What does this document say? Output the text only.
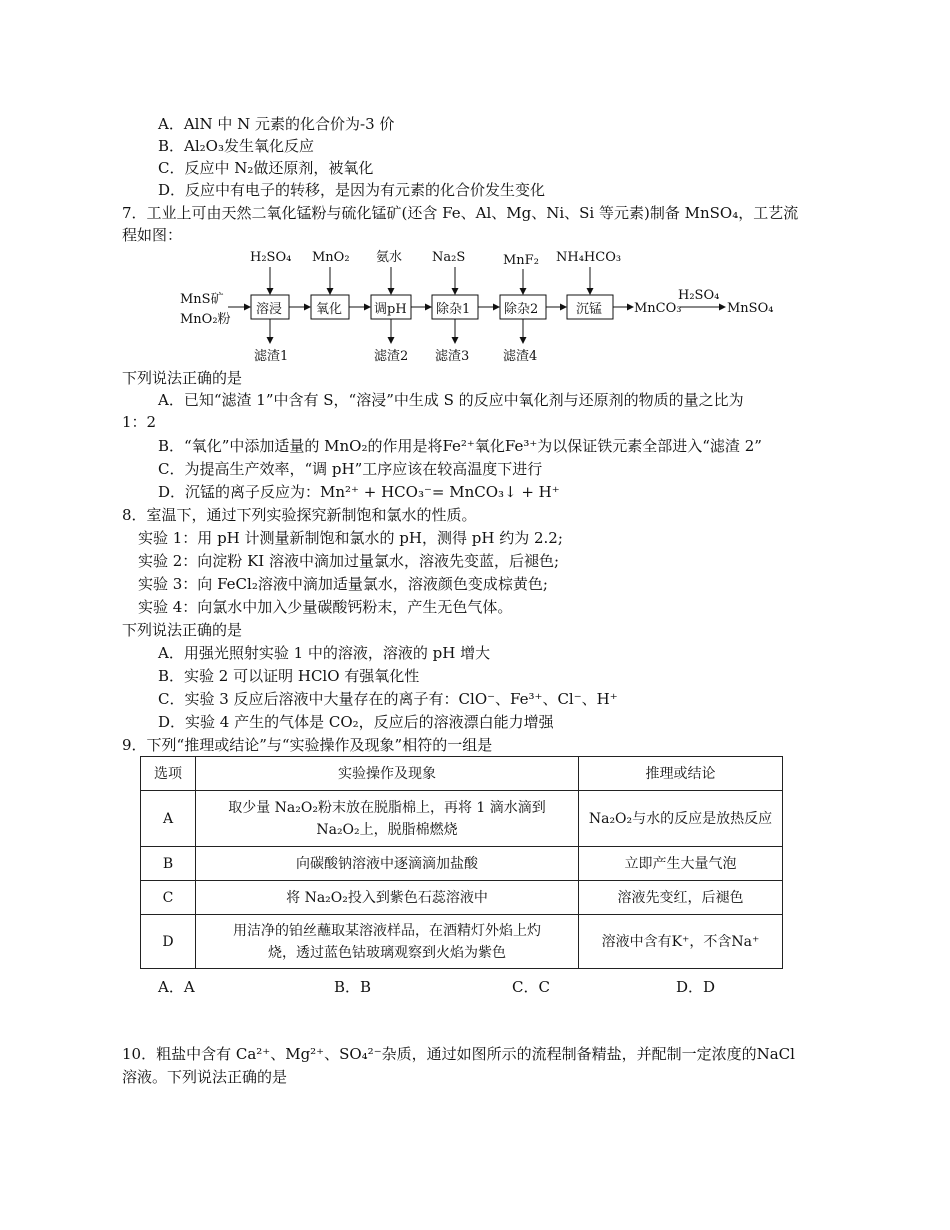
A．AlN 中 N 元素的化合价为-3 价
B．Al₂O₃发生氧化反应
C．反应中 N₂做还原剂，被氧化
D．反应中有电子的转移，是因为有元素的化合价发生变化
7．工业上可由天然二氧化锰粉与硫化锰矿(还含 Fe、Al、Mg、Ni、Si 等元素)制备 MnSO₄，工艺流
程如图：
MnS矿
MnO₂粉
溶浸	氧化 调pH 除杂1	除杂2	沉锰 MnCO₃
H₂SO₄
MnSO₄
H₂SO₄ MnO₂ 氨水 Na₂S	MnF₂ NH₄HCO₃
滤渣1	滤渣2 滤渣3	滤渣4
下列说法正确的是
A．已知“滤渣 1”中含有 S，“溶浸”中生成 S 的反应中氧化剂与还原剂的物质的量之比为
1：2
B．“氧化”中添加适量的 MnO₂的作用是将Fe²⁺氧化Fe³⁺为以保证铁元素全部进入“滤渣 2”
C．为提高生产效率，“调 pH”工序应该在较高温度下进行
D．沉锰的离子反应为：Mn²⁺ + HCO₃⁻= MnCO₃↓ + H⁺
8．室温下，通过下列实验探究新制饱和氯水的性质。
实验 1：用 pH 计测量新制饱和氯水的 pH，测得 pH 约为 2.2;
实验 2：向淀粉 KI 溶液中滴加过量氯水，溶液先变蓝，后褪色;
实验 3：向 FeCl₂溶液中滴加适量氯水，溶液颜色变成棕黄色;
实验 4：向氯水中加入少量碳酸钙粉末，产生无色气体。
下列说法正确的是
A．用强光照射实验 1 中的溶液，溶液的 pH 增大
B．实验 2 可以证明 HClO 有强氧化性
C．实验 3 反应后溶液中大量存在的离子有：ClO⁻、Fe³⁺、Cl⁻、H⁺
D．实验 4 产生的气体是 CO₂，反应后的溶液漂白能力增强
9．下列“推理或结论”与“实验操作及现象”相符的一组是
选项	实验操作及现象	推理或结论
A	取少量 Na₂O₂粉末放在脱脂棉上，再将 1 滴水滴到
Na₂O₂上，脱脂棉燃烧	Na₂O₂与水的反应是放热反应
B	向碳酸钠溶液中逐滴滴加盐酸	立即产生大量气泡
C	将 Na₂O₂投入到紫色石蕊溶液中	溶液先变红，后褪色
D	用洁净的铂丝蘸取某溶液样品，在酒精灯外焰上灼
烧，透过蓝色钴玻璃观察到火焰为紫色	溶液中含有K⁺，不含Na⁺
A．A	B．B	C．C	D．D
10．粗盐中含有 Ca²⁺、Mg²⁺、SO₄²⁻杂质，通过如图所示的流程制备精盐，并配制一定浓度的NaCl
溶液。下列说法正确的是
